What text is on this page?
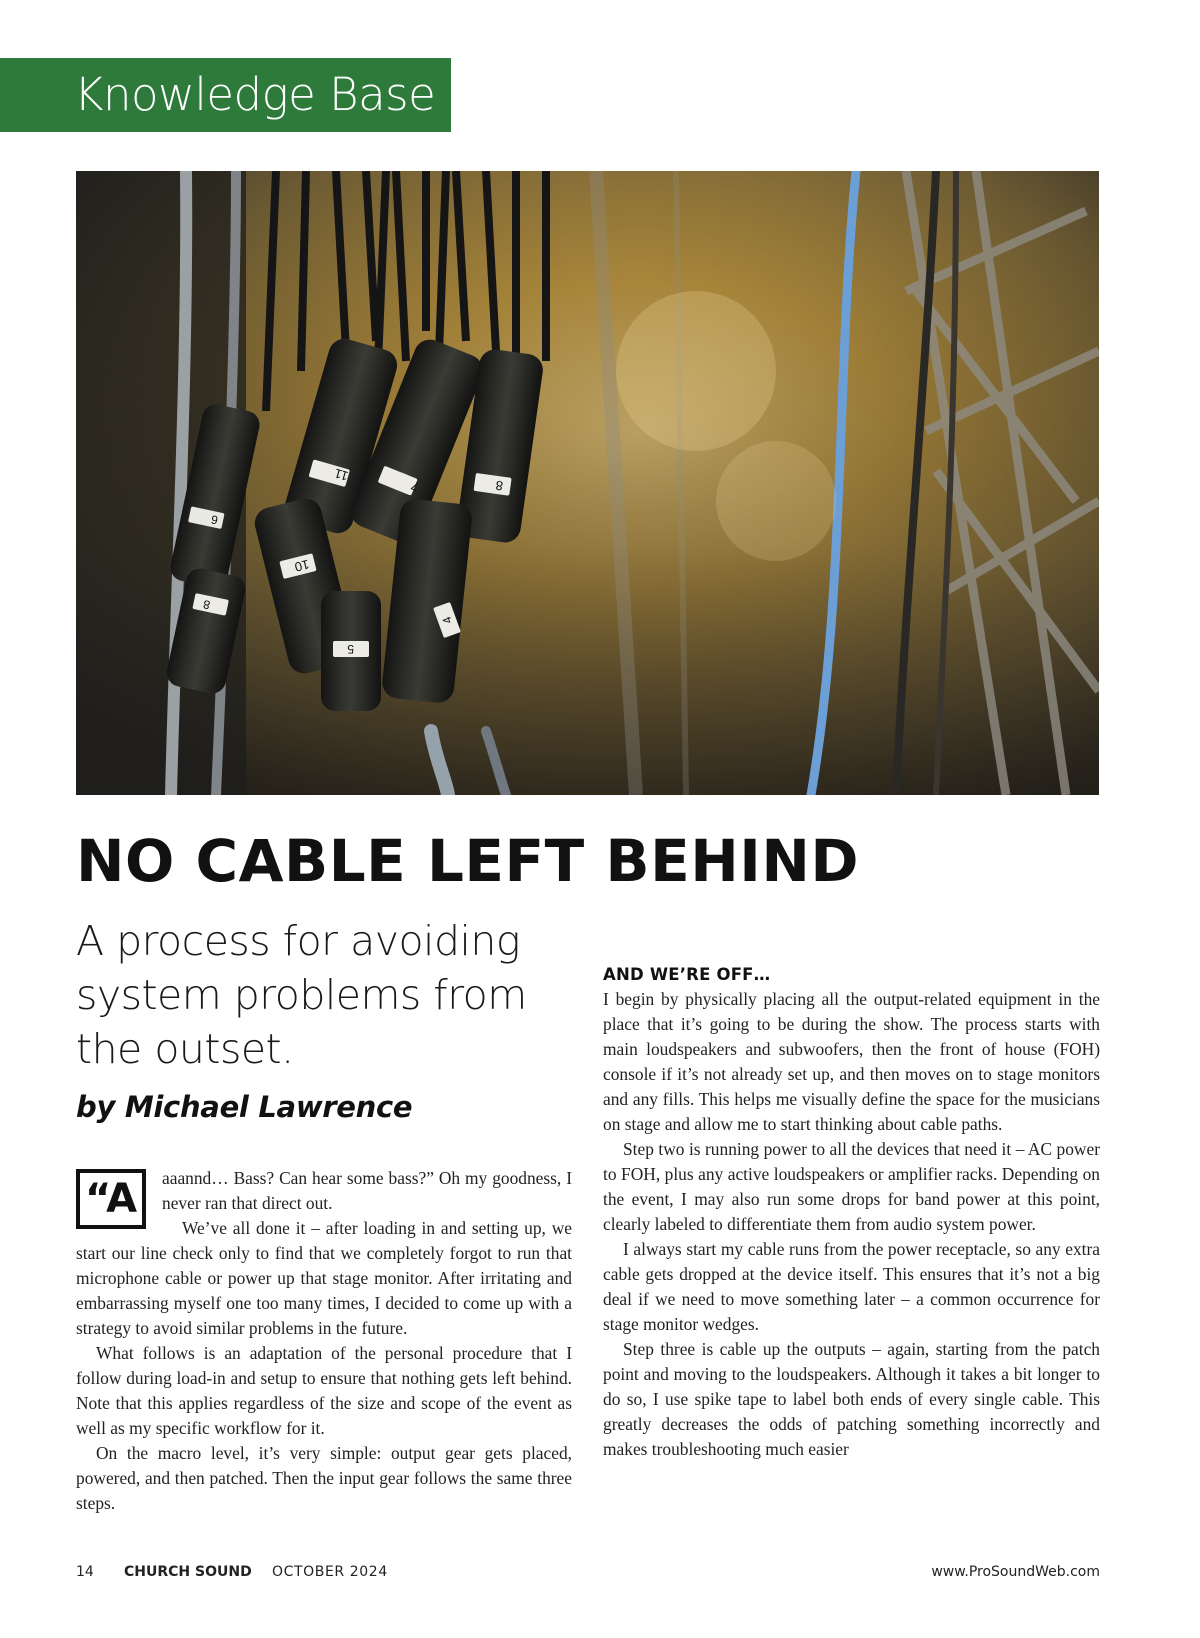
Knowledge Base
6
11
7	8
10
8
5
4
NO CABLE LEFT BEHIND

A process for avoiding system problems from the outset.

by Michael Lawrence

“A	aaannd… Bass? Can hear some bass?” Oh my goodness, I never ran that direct out.

We’ve all done it – after loading in and setting up, we start our line check only to find that we completely forgot to run that microphone cable or power up that stage monitor. After irritating and embarrassing myself one too many times, I decided to come up with a strategy to avoid similar problems in the future.

What follows is an adaptation of the personal procedure that I follow during load-in and setup to ensure that nothing gets left behind. Note that this applies regardless of the size and scope of the event as well as my specific workflow for it.

On the macro level, it’s very simple: output gear gets placed, powered, and then patched. Then the input gear follows the same three steps.

AND WE’RE OFF…

I begin by physically placing all the output-related equipment in the place that it’s going to be during the show. The process starts with main loudspeakers and subwoofers, then the front of house (FOH) console if it’s not already set up, and then moves on to stage monitors and any fills. This helps me visually define the space for the musicians on stage and allow me to start thinking about cable paths.

Step two is running power to all the devices that need it – AC power to FOH, plus any active loudspeakers or amplifier racks. Depending on the event, I may also run some drops for band power at this point, clearly labeled to differentiate them from audio system power.

I always start my cable runs from the power receptacle, so any extra cable gets dropped at the device itself. This ensures that it’s not a big deal if we need to move something later – a common occurrence for stage monitor wedges.

Step three is cable up the outputs – again, starting from the patch point and moving to the loudspeakers. Although it takes a bit longer to do so, I use spike tape to label both ends of every single cable. This greatly decreases the odds of patching something incorrectly and makes troubleshooting much easier

14 CHURCH SOUND OCTOBER 2024	www.ProSoundWeb.com
